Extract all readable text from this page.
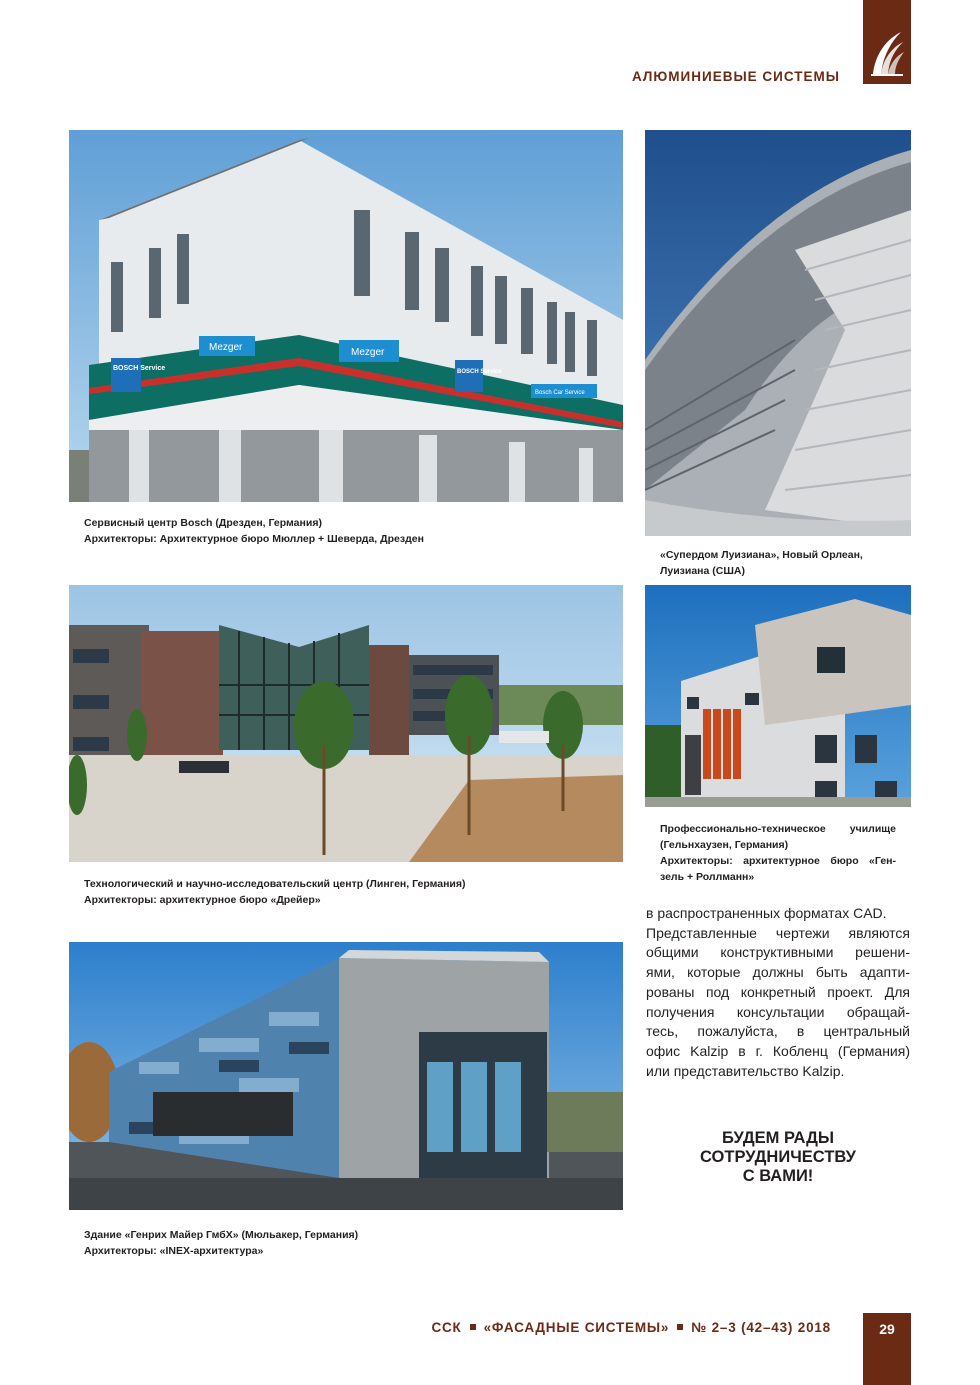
АЛЮМИНИЕВЫЕ СИСТЕМЫ
BOSCH Service
Mezger	Mezger
BOSCH Service
Bosch Car Service
Сервисный центр Bosch (Дрезден, Германия)
Архитекторы: Архитектурное бюро Мюллер + Шеверда, Дрезден
«Супердом Луизиана», Новый Орлеан,
Луизиана (США)
Технологический и научно-исследовательский центр (Линген, Германия)
Архитекторы: архитектурное бюро «Дрейер»
Профессионально-техническое училище
(Гельнхаузен, Германия)
Архитекторы: архитектурное бюро «Ген-
зель + Роллманн»
Здание «Генрих Майер ГмбХ» (Мюльакер, Германия)
Архитекторы: «INEX-архитектура»
в распространенных форматах CAD.
Представленные чертежи являются
общими конструктивными решени-
ями, которые должны быть адапти-
рованы под конкретный проект. Для
получения консультации обращай-
тесь, пожалуйста, в центральный
офис Kalzip в г. Кобленц (Германия)
или представительство Kalzip.
БУДЕМ РАДЫ
СОТРУДНИЧЕСТВУ
С ВАМИ!
ССК «ФАСАДНЫЕ СИСТЕМЫ» № 2–3 (42–43) 2018	29
